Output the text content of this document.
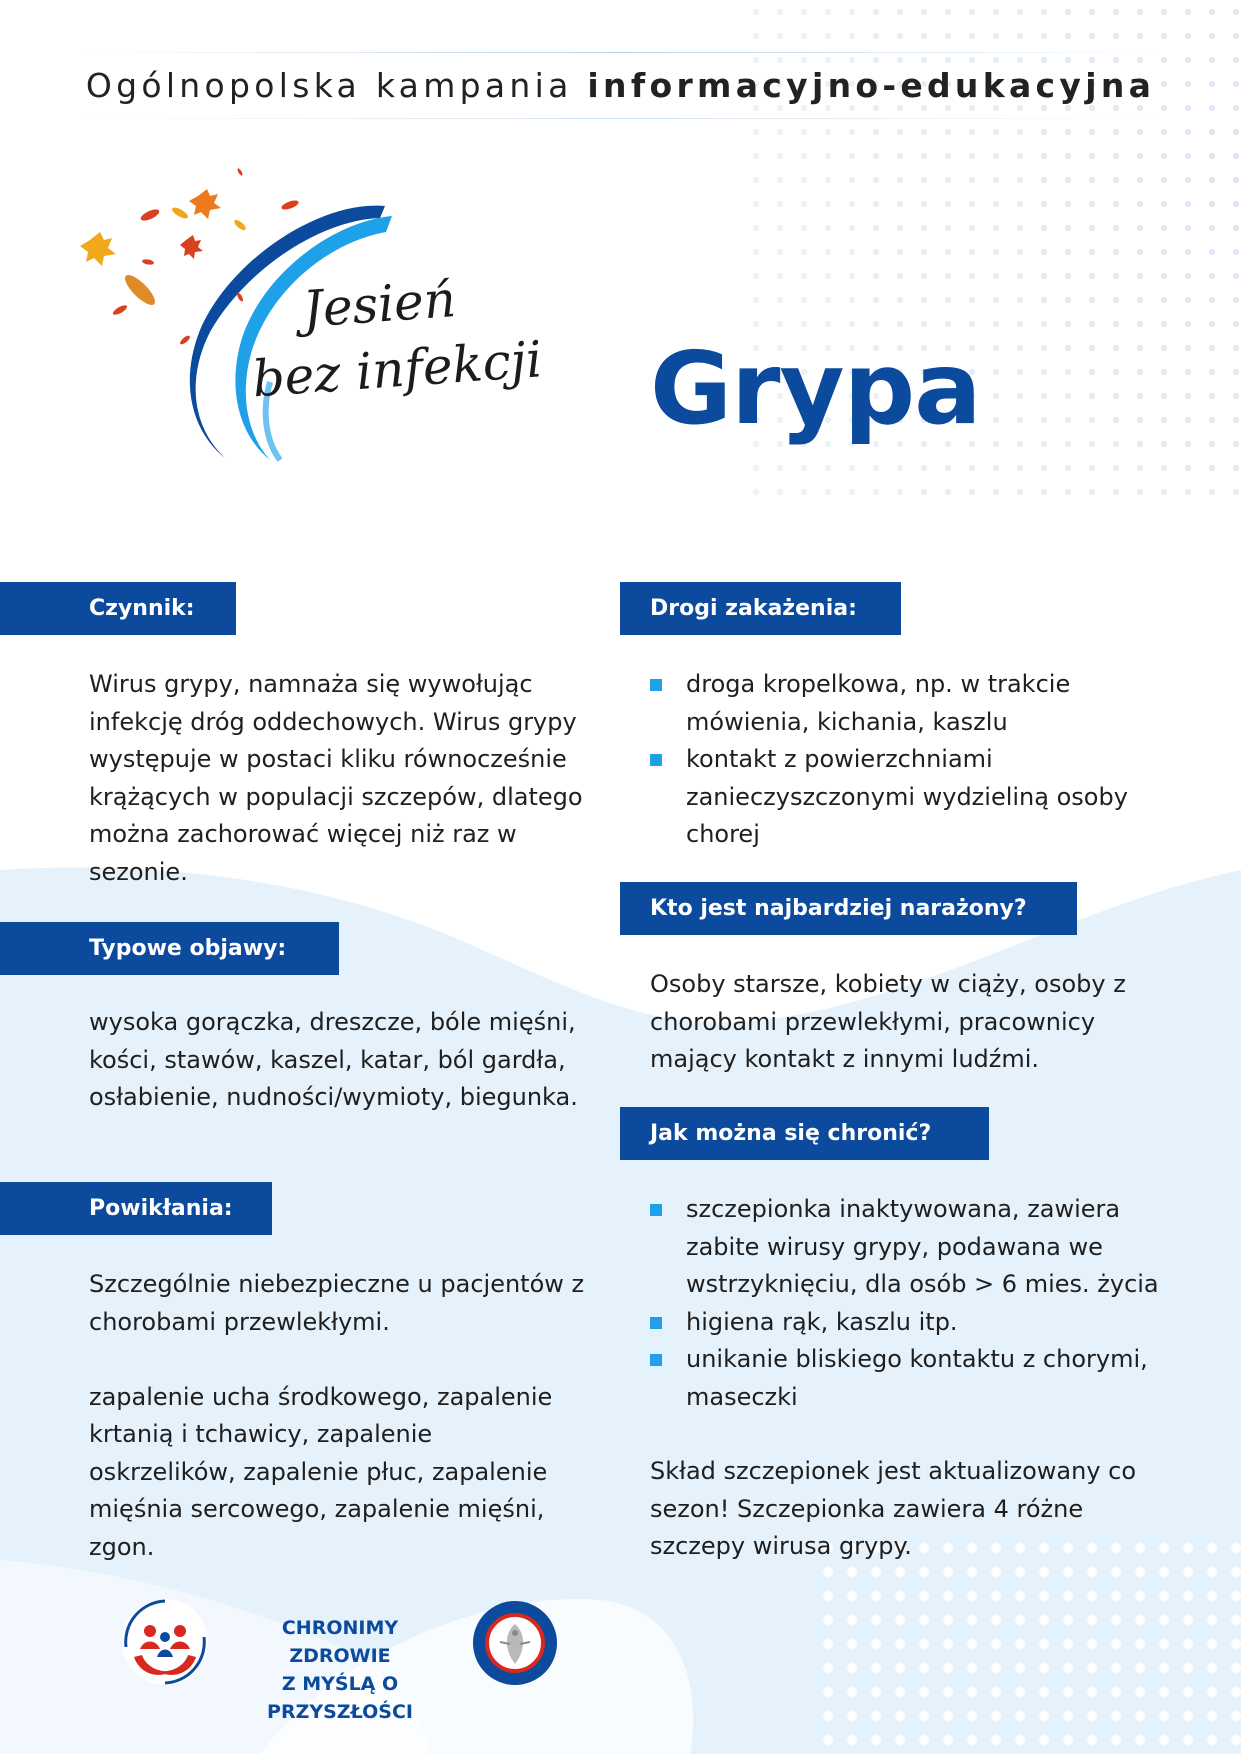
Ogólnopolska kampania informacyjno-edukacyjna
Jesień
bez infekcji Grypa
Czynnik:
Wirus grypy, namnaża się wywołując infekcję dróg oddechowych. Wirus grypy występuje w postaci kliku równocześnie krążących w populacji szczepów, dlatego można zachorować więcej niż raz w sezonie.
Typowe objawy:
wysoka gorączka, dreszcze, bóle mięśni, kości, stawów, kaszel, katar, ból gardła, osłabienie, nudności/wymioty, biegunka.
Powikłania:

Szczególnie niebezpieczne u pacjentów z chorobami przewlekłymi.

zapalenie ucha środkowego, zapalenie krtanią i tchawicy, zapalenie oskrzelików, zapalenie płuc, zapalenie mięśnia sercowego, zapalenie mięśni, zgon.

Drogi zakażenia:
droga kropelkowa, np. w trakcie mówienia, kichania, kaszlu
kontakt z powierzchniami zanieczyszczonymi wydzieliną osoby chorej
Kto jest najbardziej narażony?
Osoby starsze, kobiety w ciąży, osoby z chorobami przewlekłymi, pracownicy mający kontakt z innymi ludźmi.
Jak można się chronić?
szczepionka inaktywowana, zawiera zabite wirusy grypy, podawana we wstrzyknięciu, dla osób > 6 mies. życia
higiena rąk, kaszlu itp.
unikanie bliskiego kontaktu z chorymi, maseczki
Skład szczepionek jest aktualizowany co sezon! Szczepionka zawiera 4 różne szczepy wirusa grypy.
CHRONIMY ZDROWIE
Z MYŚLĄ O PRZYSZŁOŚCI
